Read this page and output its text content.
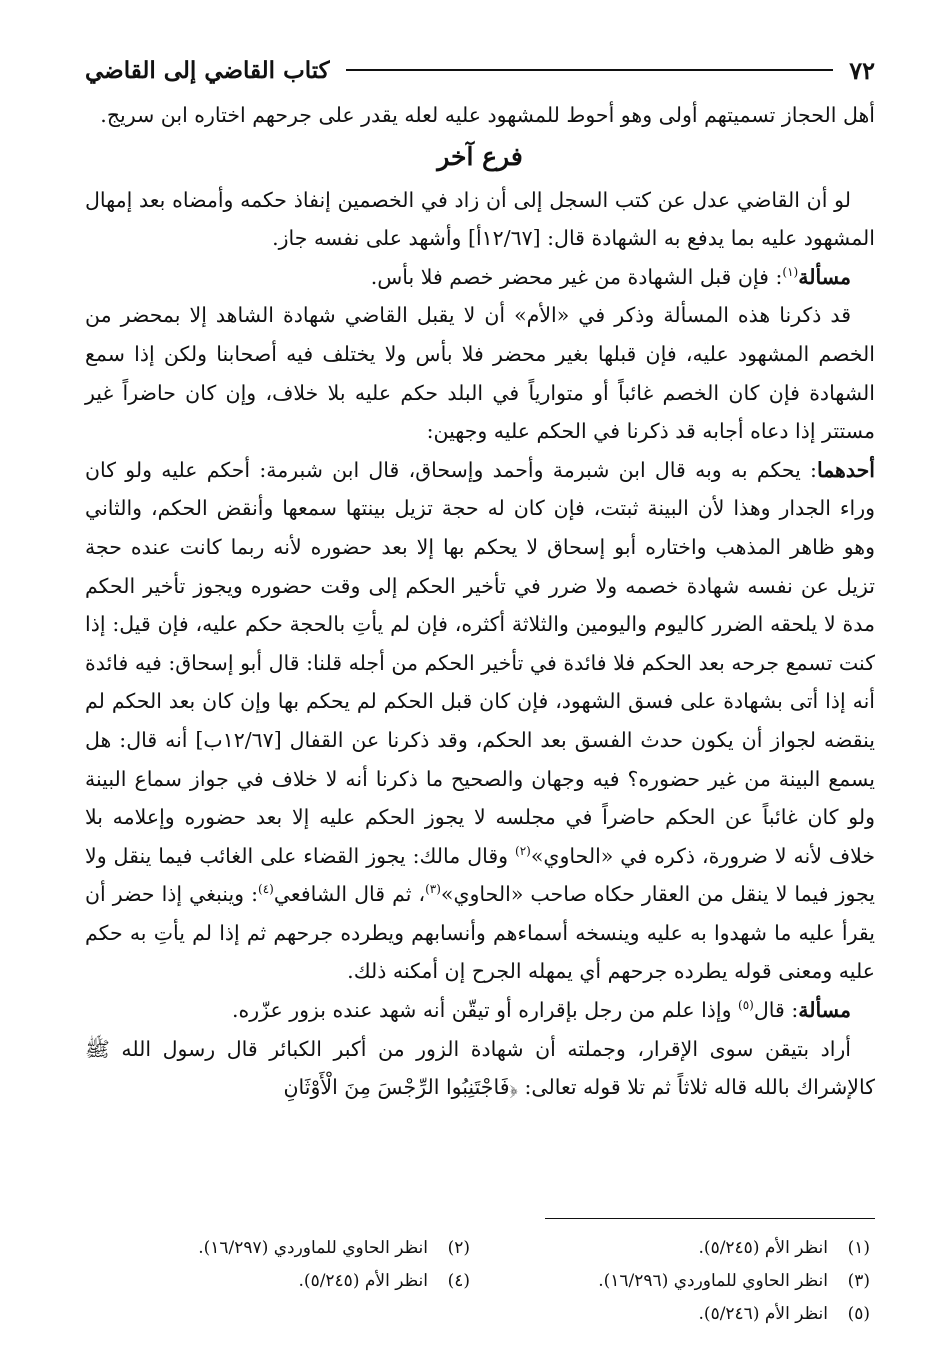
٧٢
كتاب القاضي إلى القاضي

أهل الحجاز تسميتهم أولى وهو أحوط للمشهود عليه لعله يقدر على جرحهم اختاره ابن سريج.

فرع آخر

لو أن القاضي عدل عن كتب السجل إلى أن زاد في الخصمين إنفاذ حكمه وأمضاه بعد إمهال المشهود عليه بما يدفع به الشهادة قال: [١٢/٦٧أ] وأشهد على نفسه جاز.

مسألة$^{(١)}$: فإن قبل الشهادة من غير محضر خصم فلا بأس.

قد ذكرنا هذه المسألة وذكر في «الأم» أن لا يقبل القاضي شهادة الشاهد إلا بمحضر من الخصم المشهود عليه، فإن قبلها بغير محضر فلا بأس ولا يختلف فيه أصحابنا ولكن إذا سمع الشهادة فإن كان الخصم غائباً أو متوارياً في البلد حكم عليه بلا خلاف، وإن كان حاضراً غير مستتر إذا دعاه أجابه قد ذكرنا في الحكم عليه وجهين:

أحدهما: يحكم به وبه قال ابن شبرمة وأحمد وإسحاق، قال ابن شبرمة: أحكم عليه ولو كان وراء الجدار وهذا لأن البينة ثبتت، فإن كان له حجة تزيل بينتها سمعها وأنقض الحكم، والثاني وهو ظاهر المذهب واختاره أبو إسحاق لا يحكم بها إلا بعد حضوره لأنه ربما كانت عنده حجة تزيل عن نفسه شهادة خصمه ولا ضرر في تأخير الحكم إلى وقت حضوره ويجوز تأخير الحكم مدة لا يلحقه الضرر كاليوم واليومين والثلاثة أكثره، فإن لم يأتِ بالحجة حكم عليه، فإن قيل: إذا كنت تسمع جرحه بعد الحكم فلا فائدة في تأخير الحكم من أجله قلنا: قال أبو إسحاق: فيه فائدة أنه إذا أتى بشهادة على فسق الشهود، فإن كان قبل الحكم لم يحكم بها وإن كان بعد الحكم لم ينقضه لجواز أن يكون حدث الفسق بعد الحكم، وقد ذكرنا عن القفال [١٢/٦٧ب] أنه قال: هل يسمع البينة من غير حضوره؟ فيه وجهان والصحيح ما ذكرنا أنه لا خلاف في جواز سماع البينة ولو كان غائباً عن الحكم حاضراً في مجلسه لا يجوز الحكم عليه إلا بعد حضوره وإعلامه بلا خلاف لأنه لا ضرورة، ذكره في «الحاوي»$^{(٢)}$ وقال مالك: يجوز القضاء على الغائب فيما ينقل ولا يجوز فيما لا ينقل من العقار حكاه صاحب «الحاوي»$^{(٣)}$، ثم قال الشافعي$^{(٤)}$: وينبغي إذا حضر أن يقرأ عليه ما شهدوا به عليه وينسخه أسماءهم وأنسابهم ويطرده جرحهم ثم إذا لم يأتِ به حكم عليه ومعنى قوله يطرده جرحهم أي يمهله الجرح إن أمكنه ذلك.

مسألة: قال$^{(٥)}$ وإذا علم من رجل بإقراره أو تيقّن أنه شهد عنده بزور عزّره.

أراد بتيقن سوى الإقرار، وجملته أن شهادة الزور من أكبر الكبائر قال رسول الله ﷺ كالإشراك بالله قاله ثلاثاً ثم تلا قوله تعالى: ﴿فَاجْتَنِبُوا الرِّجْسَ مِنَ الْأَوْثَانِ

(١)
انظر الأم (٥/٢٤٥).
(٢)
انظر الحاوي للماوردي (١٦/٢٩٧).
(٣)
انظر الحاوي للماوردي (١٦/٢٩٦).
(٤)
انظر الأم (٥/٢٤٥).
(٥)
انظر الأم (٥/٢٤٦).
